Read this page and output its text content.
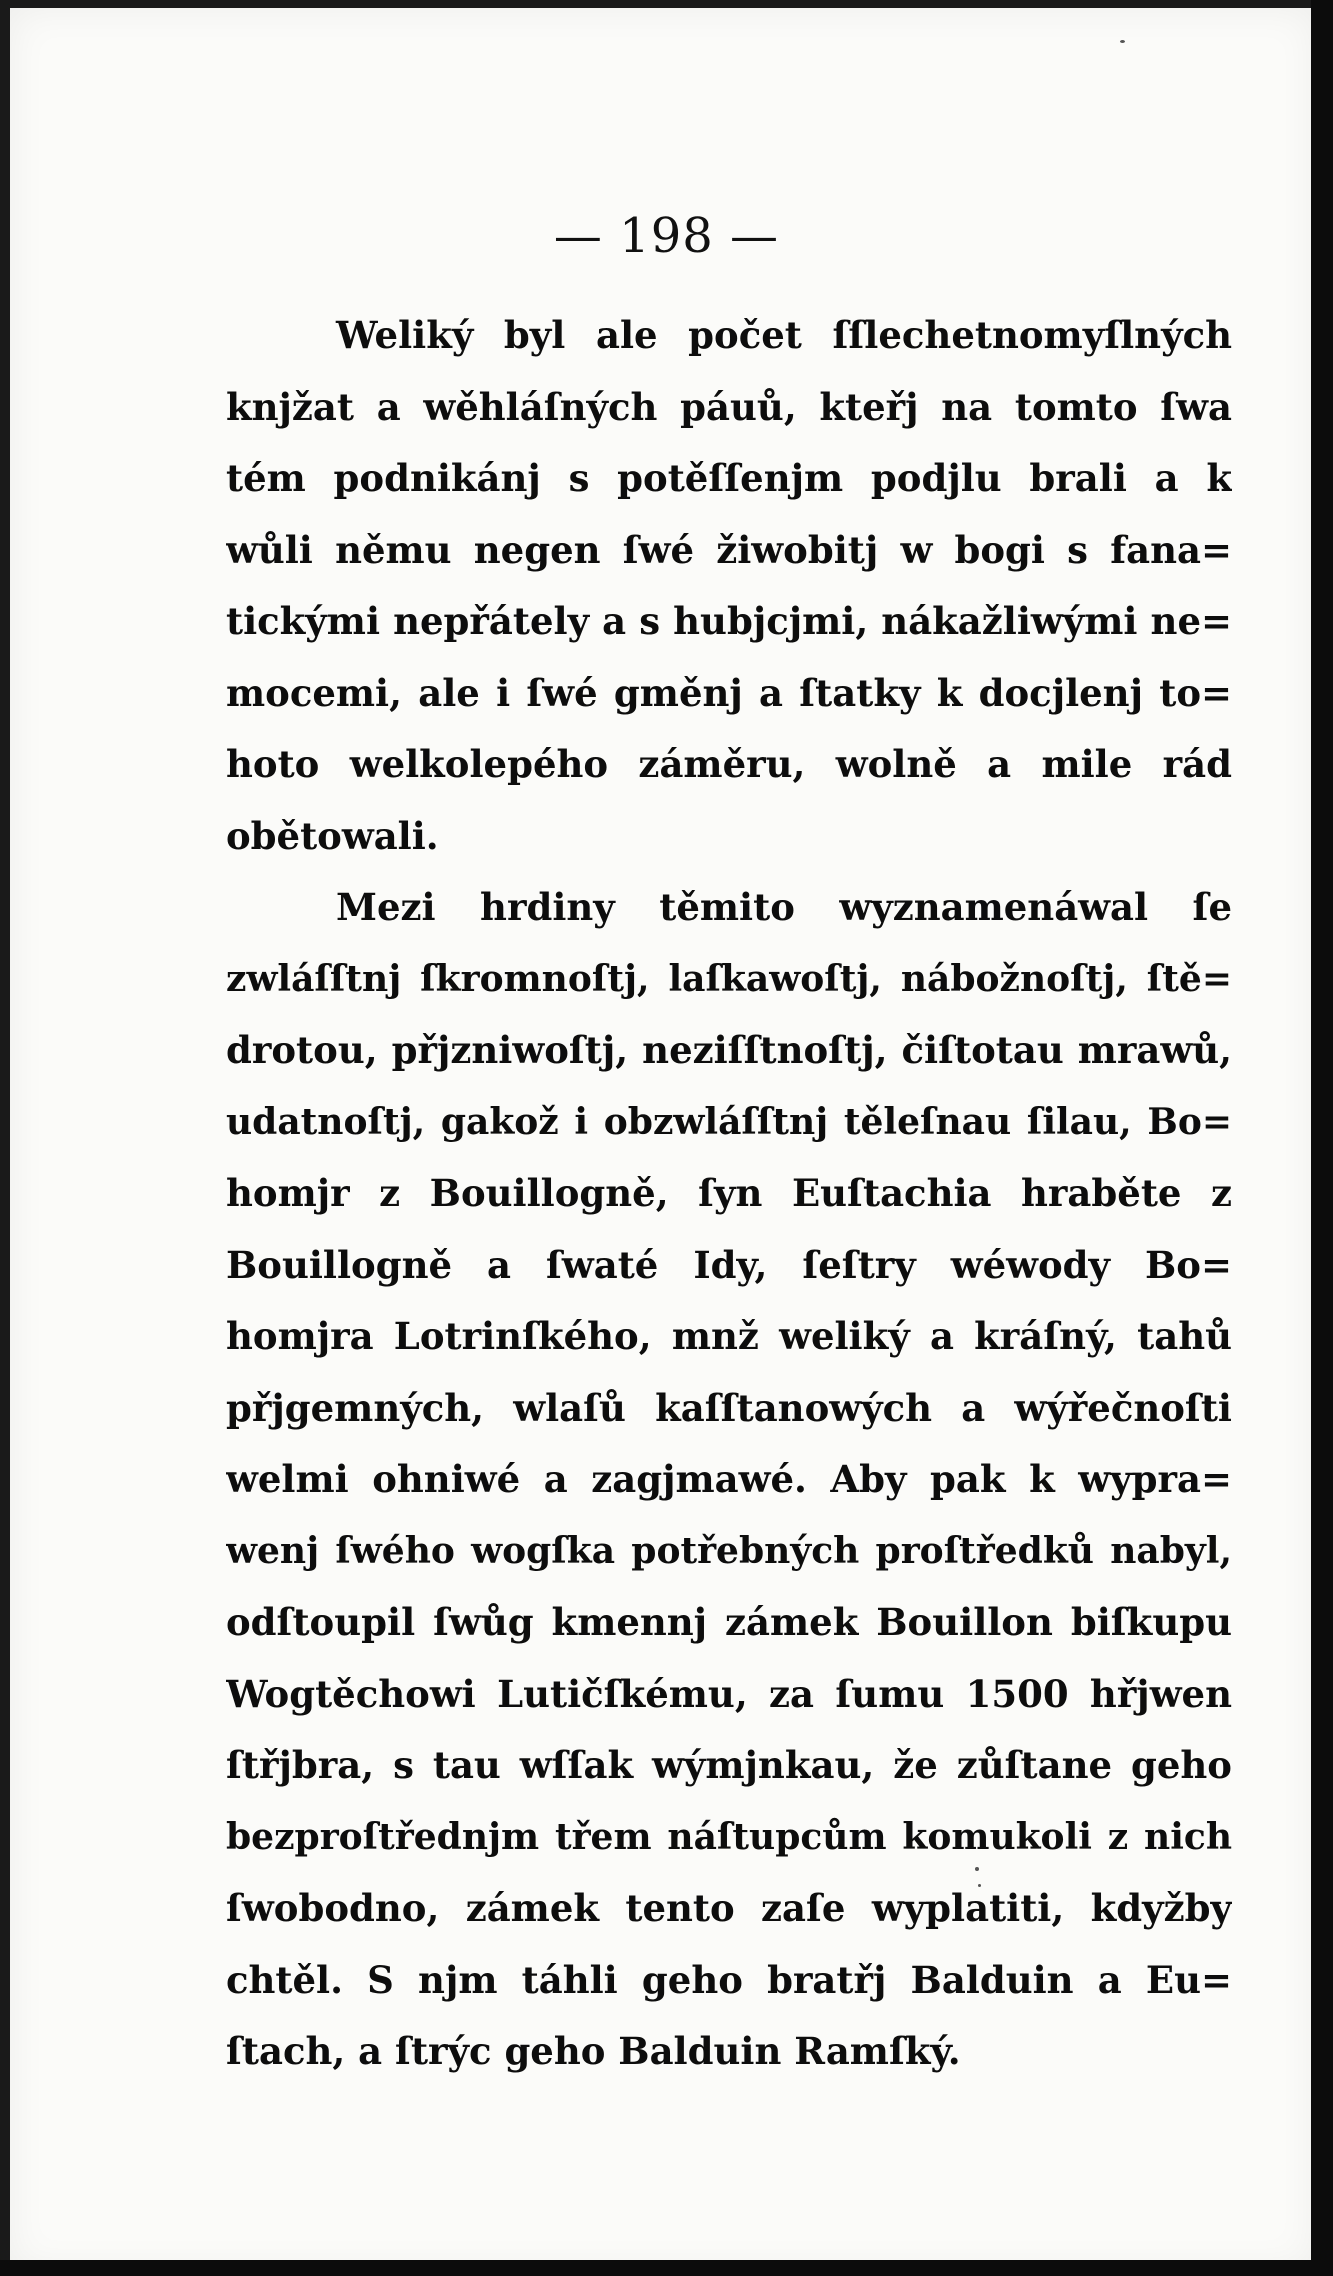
— 198 —
Weliký byl ale počet ſſlechetnomyſlných
knjžat a wěhláſných páuů, kteřj na tomto ſwa
tém podnikánj s potěſſenjm podjlu brali a k
wůli němu negen ſwé žiwobitj w bogi s fana=
tickými nepřátely a s hubjcjmi, nákažliwými ne=
mocemi, ale i ſwé gměnj a ſtatky k docjlenj to=
hoto welkolepého záměru, wolně a mile rád
obětowali.
Mezi hrdiny těmito wyznamenáwal ſe
zwláſſtnj ſkromnoſtj, laſkawoſtj, nábožnoſtj, ſtě=
drotou, přjzniwoſtj, neziſſtnoſtj, čiſtotau mrawů,
udatnoſtj, gakož i obzwláſſtnj těleſnau ſilau, Bo=
homjr z Bouillogně, ſyn Euſtachia hraběte z
Bouillogně a ſwaté Idy, ſeſtry wéwody Bo=
homjra Lotrinſkého, mnž weliký a kráſný, tahů
přjgemných, wlaſů kaſſtanowých a wýřečnoſti
welmi ohniwé a zagjmawé. Aby pak k wypra=
wenj ſwého wogſka potřebných proſtředků nabyl,
odſtoupil ſwůg kmennj zámek Bouillon biſkupu
Wogtěchowi Lutičſkému, za ſumu 1500 hřjwen
ſtřjbra, s tau wſſak wýmjnkau, že zůſtane geho
bezproſtřednjm třem náſtupcům komukoli z nich
ſwobodno, zámek tento zaſe wyplatiti, kdyžby
chtěl. S njm táhli geho bratřj Balduin a Eu=
ſtach, a ſtrýc geho Balduin Ramſký.
